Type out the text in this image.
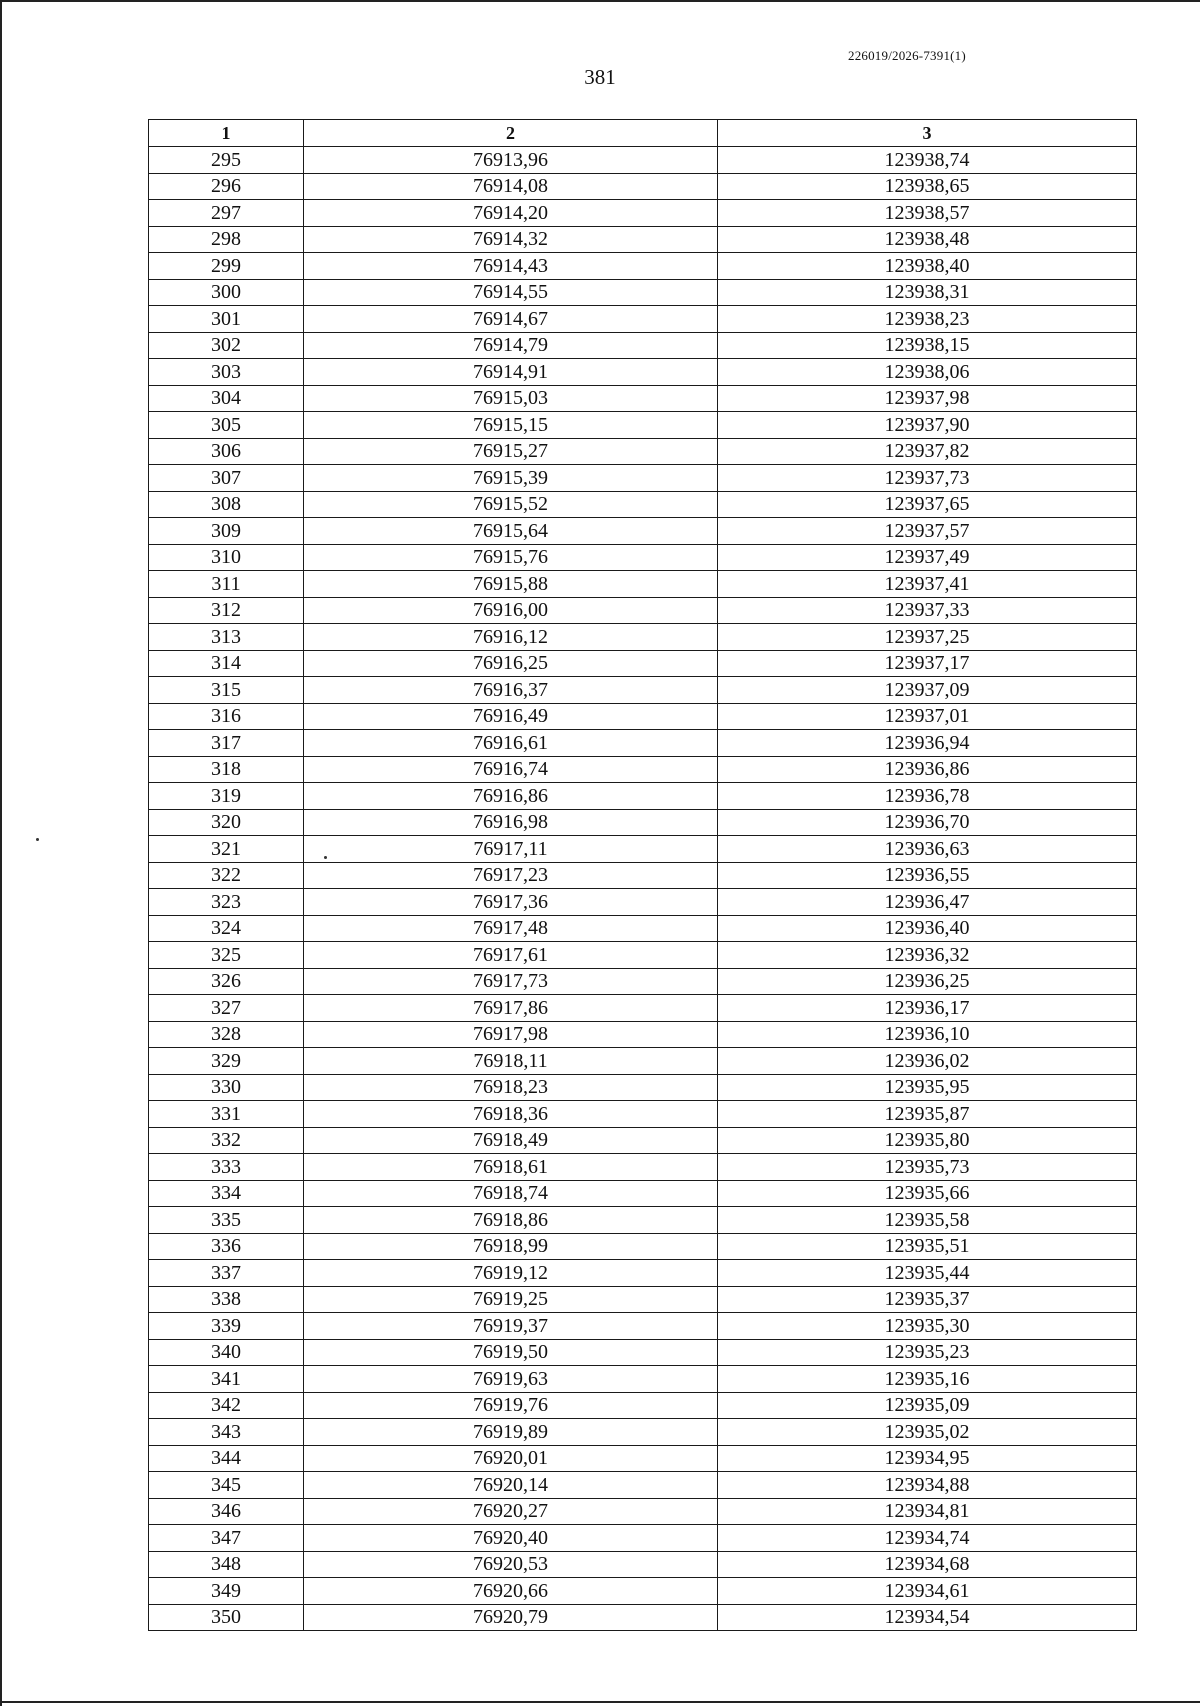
226019/2026-7391(1)
381
1	2	3
295	76913,96	123938,74
296	76914,08	123938,65
297	76914,20	123938,57
298	76914,32	123938,48
299	76914,43	123938,40
300	76914,55	123938,31
301	76914,67	123938,23
302	76914,79	123938,15
303	76914,91	123938,06
304	76915,03	123937,98
305	76915,15	123937,90
306	76915,27	123937,82
307	76915,39	123937,73
308	76915,52	123937,65
309	76915,64	123937,57
310	76915,76	123937,49
311	76915,88	123937,41
312	76916,00	123937,33
313	76916,12	123937,25
314	76916,25	123937,17
315	76916,37	123937,09
316	76916,49	123937,01
317	76916,61	123936,94
318	76916,74	123936,86
319	76916,86	123936,78
320	76916,98	123936,70
321	76917,11	123936,63
322	76917,23	123936,55
323	76917,36	123936,47
324	76917,48	123936,40
325	76917,61	123936,32
326	76917,73	123936,25
327	76917,86	123936,17
328	76917,98	123936,10
329	76918,11	123936,02
330	76918,23	123935,95
331	76918,36	123935,87
332	76918,49	123935,80
333	76918,61	123935,73
334	76918,74	123935,66
335	76918,86	123935,58
336	76918,99	123935,51
337	76919,12	123935,44
338	76919,25	123935,37
339	76919,37	123935,30
340	76919,50	123935,23
341	76919,63	123935,16
342	76919,76	123935,09
343	76919,89	123935,02
344	76920,01	123934,95
345	76920,14	123934,88
346	76920,27	123934,81
347	76920,40	123934,74
348	76920,53	123934,68
349	76920,66	123934,61
350	76920,79	123934,54
